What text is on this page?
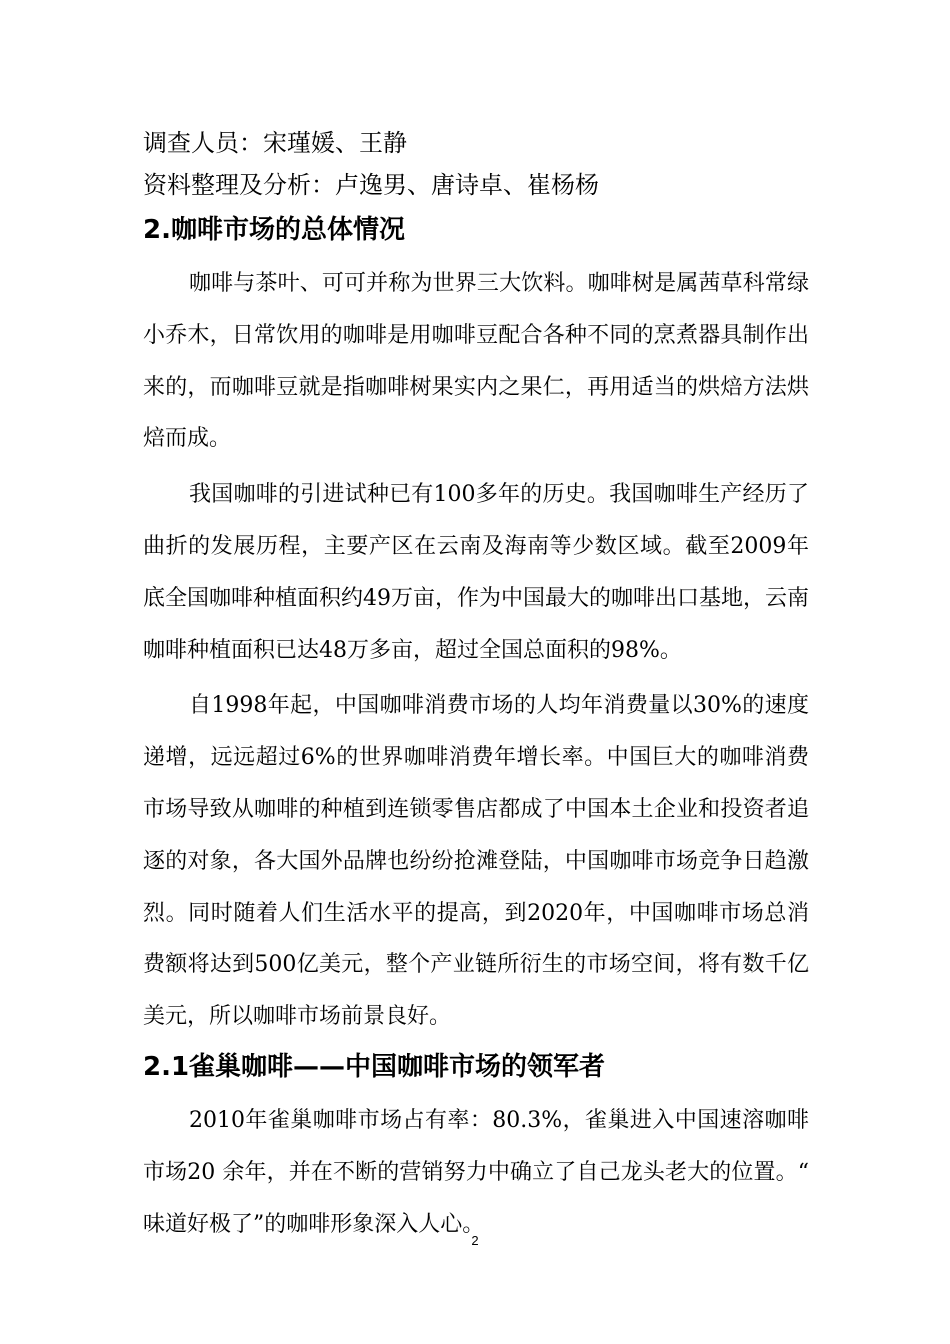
调查人员：宋瑾媛、王静

资料整理及分析：卢逸男、唐诗卓、崔杨杨

2.咖啡市场的总体情况

咖啡与茶叶、可可并称为世界三大饮料。咖啡树是属茜草科常绿小乔木，日常饮用的咖啡是用咖啡豆配合各种不同的烹煮器具制作出来的，而咖啡豆就是指咖啡树果实内之果仁，再用适当的烘焙方法烘焙而成。

我国咖啡的引进试种已有100多年的历史。我国咖啡生产经历了曲折的发展历程，主要产区在云南及海南等少数区域。截至2009年底全国咖啡种植面积约49万亩，作为中国最大的咖啡出口基地，云南咖啡种植面积已达48万多亩，超过全国总面积的98%。

自1998年起，中国咖啡消费市场的人均年消费量以30%的速度递增，远远超过6%的世界咖啡消费年增长率。中国巨大的咖啡消费市场导致从咖啡的种植到连锁零售店都成了中国本土企业和投资者追逐的对象，各大国外品牌也纷纷抢滩登陆，中国咖啡市场竞争日趋激烈。同时随着人们生活水平的提高，到2020年，中国咖啡市场总消费额将达到500亿美元，整个产业链所衍生的市场空间，将有数千亿美元，所以咖啡市场前景良好。

2.1雀巢咖啡——中国咖啡市场的领军者

2010年雀巢咖啡市场占有率：80.3%，雀巢进入中国速溶咖啡市场20 余年，并在不断的营销努力中确立了自己龙头老大的位置。“味道好极了”的咖啡形象深入人心。

2
